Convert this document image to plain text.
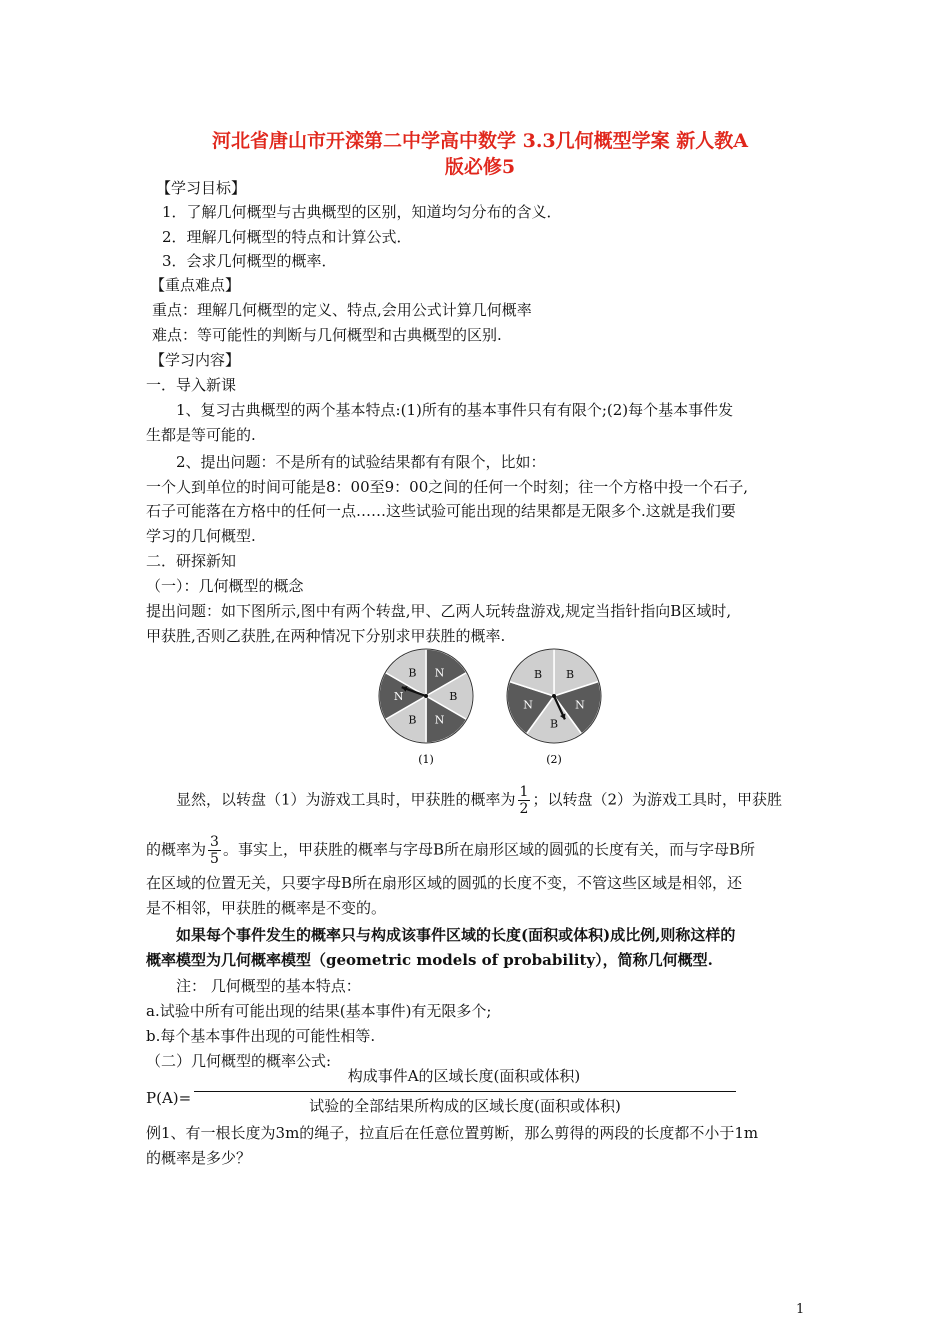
河北省唐山市开滦第二中学高中数学 3.3几何概型学案 新人教A
版必修5
【学习目标】
1．了解几何概型与古典概型的区别，知道均匀分布的含义．
2．理解几何概型的特点和计算公式．
3．会求几何概型的概率．
【重点难点】
重点：理解几何概型的定义、特点,会用公式计算几何概率
难点：等可能性的判断与几何概型和古典概型的区别.
【学习内容】
一．导入新课
1、复习古典概型的两个基本特点:(1)所有的基本事件只有有限个;(2)每个基本事件发
生都是等可能的.
2、提出问题：不是所有的试验结果都有有限个，比如：
一个人到单位的时间可能是8：00至9：00之间的任何一个时刻；往一个方格中投一个石子,
石子可能落在方格中的任何一点……这些试验可能出现的结果都是无限多个.这就是我们要
学习的几何概型.
二．研探新知
（一）：几何概型的概念
提出问题：如下图所示,图中有两个转盘,甲、乙两人玩转盘游戏,规定当指针指向B区域时,
甲获胜,否则乙获胜,在两种情况下分别求甲获胜的概率.
N
B
N
B
N
B	B
N
B
N
B
(1)	(2)
显然，以转盘（1）为游戏工具时，甲获胜的概率为 $\frac{1}{2}$ ；以转盘（2）为游戏工具时，甲获胜
的概率为 $\frac{3}{5}$ 。事实上，甲获胜的概率与字母B所在扇形区域的圆弧的长度有关，而与字母B所
在区域的位置无关，只要字母B所在扇形区域的圆弧的长度不变，不管这些区域是相邻，还
是不相邻，甲获胜的概率是不变的。
如果每个事件发生的概率只与构成该事件区域的长度(面积或体积)成比例,则称这样的
概率模型为几何概率模型（geometric models of probability），简称几何概型.
注： 几何概型的基本特点：
a.试验中所有可能出现的结果(基本事件)有无限多个;
b.每个基本事件出现的可能性相等.
（二）几何概型的概率公式:
P(A)=
构成事件A的区域长度(面积或体积)
试验的全部结果所构成的区域长度(面积或体积)
例1、有一根长度为3m的绳子，拉直后在任意位置剪断，那么剪得的两段的长度都不小于1m
的概率是多少？
1
